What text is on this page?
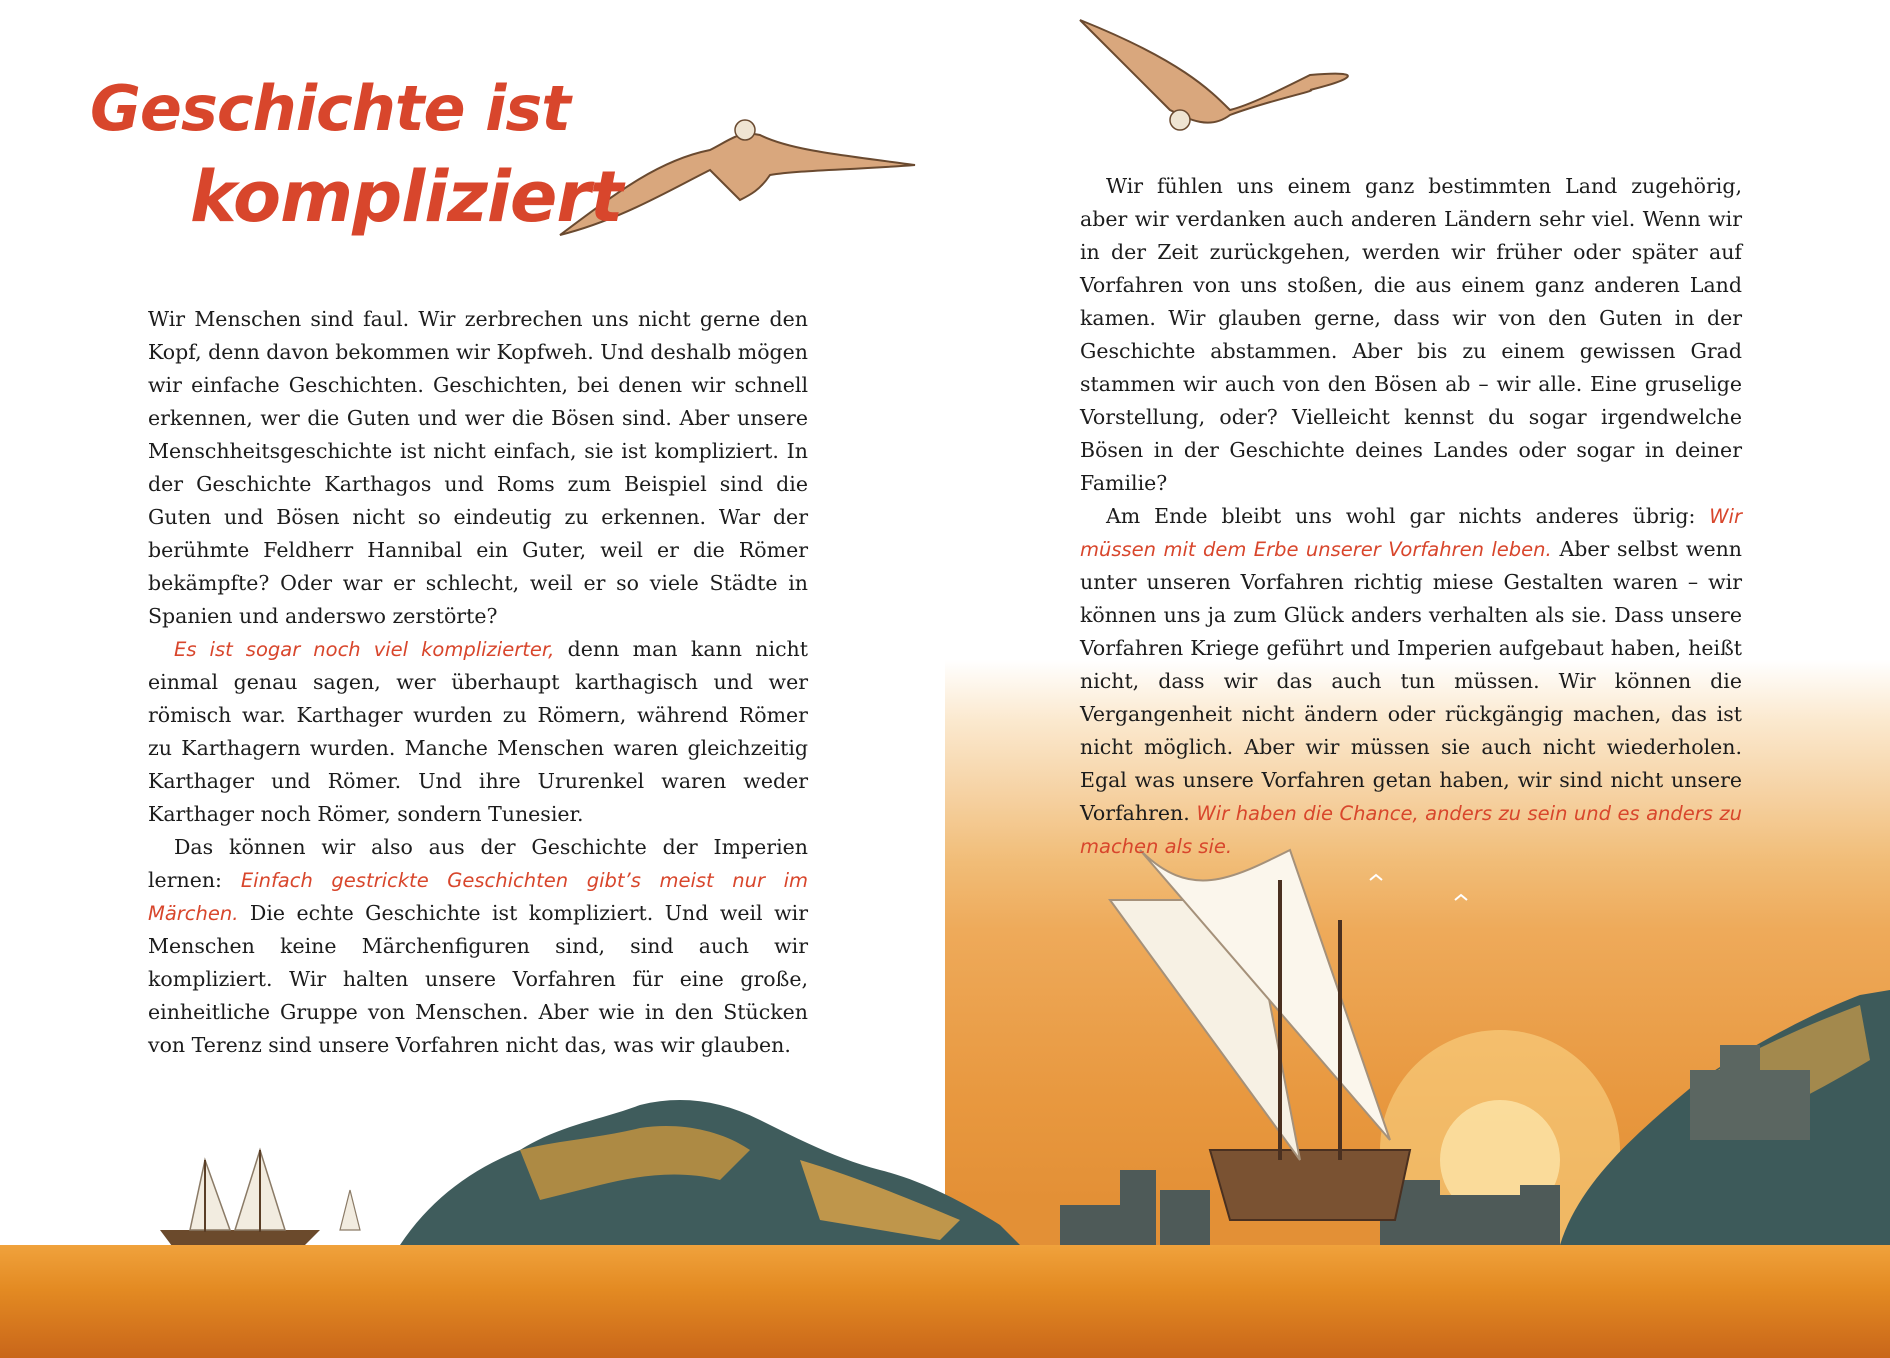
Geschichte ist
kompliziert

Wir Menschen sind faul. Wir zerbrechen uns nicht gerne den Kopf, denn davon bekommen wir Kopfweh. Und deshalb mögen wir einfache Geschichten. Geschichten, bei denen wir schnell erkennen, wer die Guten und wer die Bösen sind. Aber unsere Menschheitsgeschichte ist nicht einfach, sie ist kompliziert. In der Geschichte Karthagos und Roms zum Beispiel sind die Guten und Bösen nicht so eindeutig zu erkennen. War der berühmte Feldherr Hannibal ein Guter, weil er die Römer bekämpfte? Oder war er schlecht, weil er so viele Städte in Spanien und anderswo zerstörte?

Es ist sogar noch viel komplizierter, denn man kann nicht einmal genau sagen, wer überhaupt karthagisch und wer römisch war. Karthager wurden zu Römern, während Römer zu Karthagern wurden. Manche Menschen waren gleichzeitig Karthager und Römer. Und ihre Ururenkel waren weder Karthager noch Römer, sondern Tunesier.

Das können wir also aus der Geschichte der Imperien lernen: Einfach gestrickte Geschichten gibt’s meist nur im Märchen. Die echte Geschichte ist kompliziert. Und weil wir Menschen keine Märchenfiguren sind, sind auch wir kompliziert. Wir halten unsere Vorfahren für eine große, einheitliche Gruppe von Menschen. Aber wie in den Stücken von Terenz sind unsere Vorfahren nicht das, was wir glauben.

Wir fühlen uns einem ganz bestimmten Land zugehörig, aber wir verdanken auch anderen Ländern sehr viel. Wenn wir in der Zeit zurückgehen, werden wir früher oder später auf Vorfahren von uns stoßen, die aus einem ganz anderen Land kamen. Wir glauben gerne, dass wir von den Guten in der Geschichte abstammen. Aber bis zu einem gewissen Grad stammen wir auch von den Bösen ab – wir alle. Eine gruselige Vorstellung, oder? Vielleicht kennst du sogar irgendwelche Bösen in der Geschichte deines Landes oder sogar in deiner Familie?

Am Ende bleibt uns wohl gar nichts anderes übrig: Wir müssen mit dem Erbe unserer Vorfahren leben. Aber selbst wenn unter unseren Vorfahren richtig miese Gestalten waren – wir können uns ja zum Glück anders verhalten als sie. Dass unsere Vorfahren Kriege geführt und Imperien aufgebaut haben, heißt nicht, dass wir das auch tun müssen. Wir können die Vergangenheit nicht ändern oder rückgängig machen, das ist nicht möglich. Aber wir müssen sie auch nicht wiederholen. Egal was unsere Vorfahren getan haben, wir sind nicht unsere Vorfahren. Wir haben die Chance, anders zu sein und es anders zu machen als sie.
